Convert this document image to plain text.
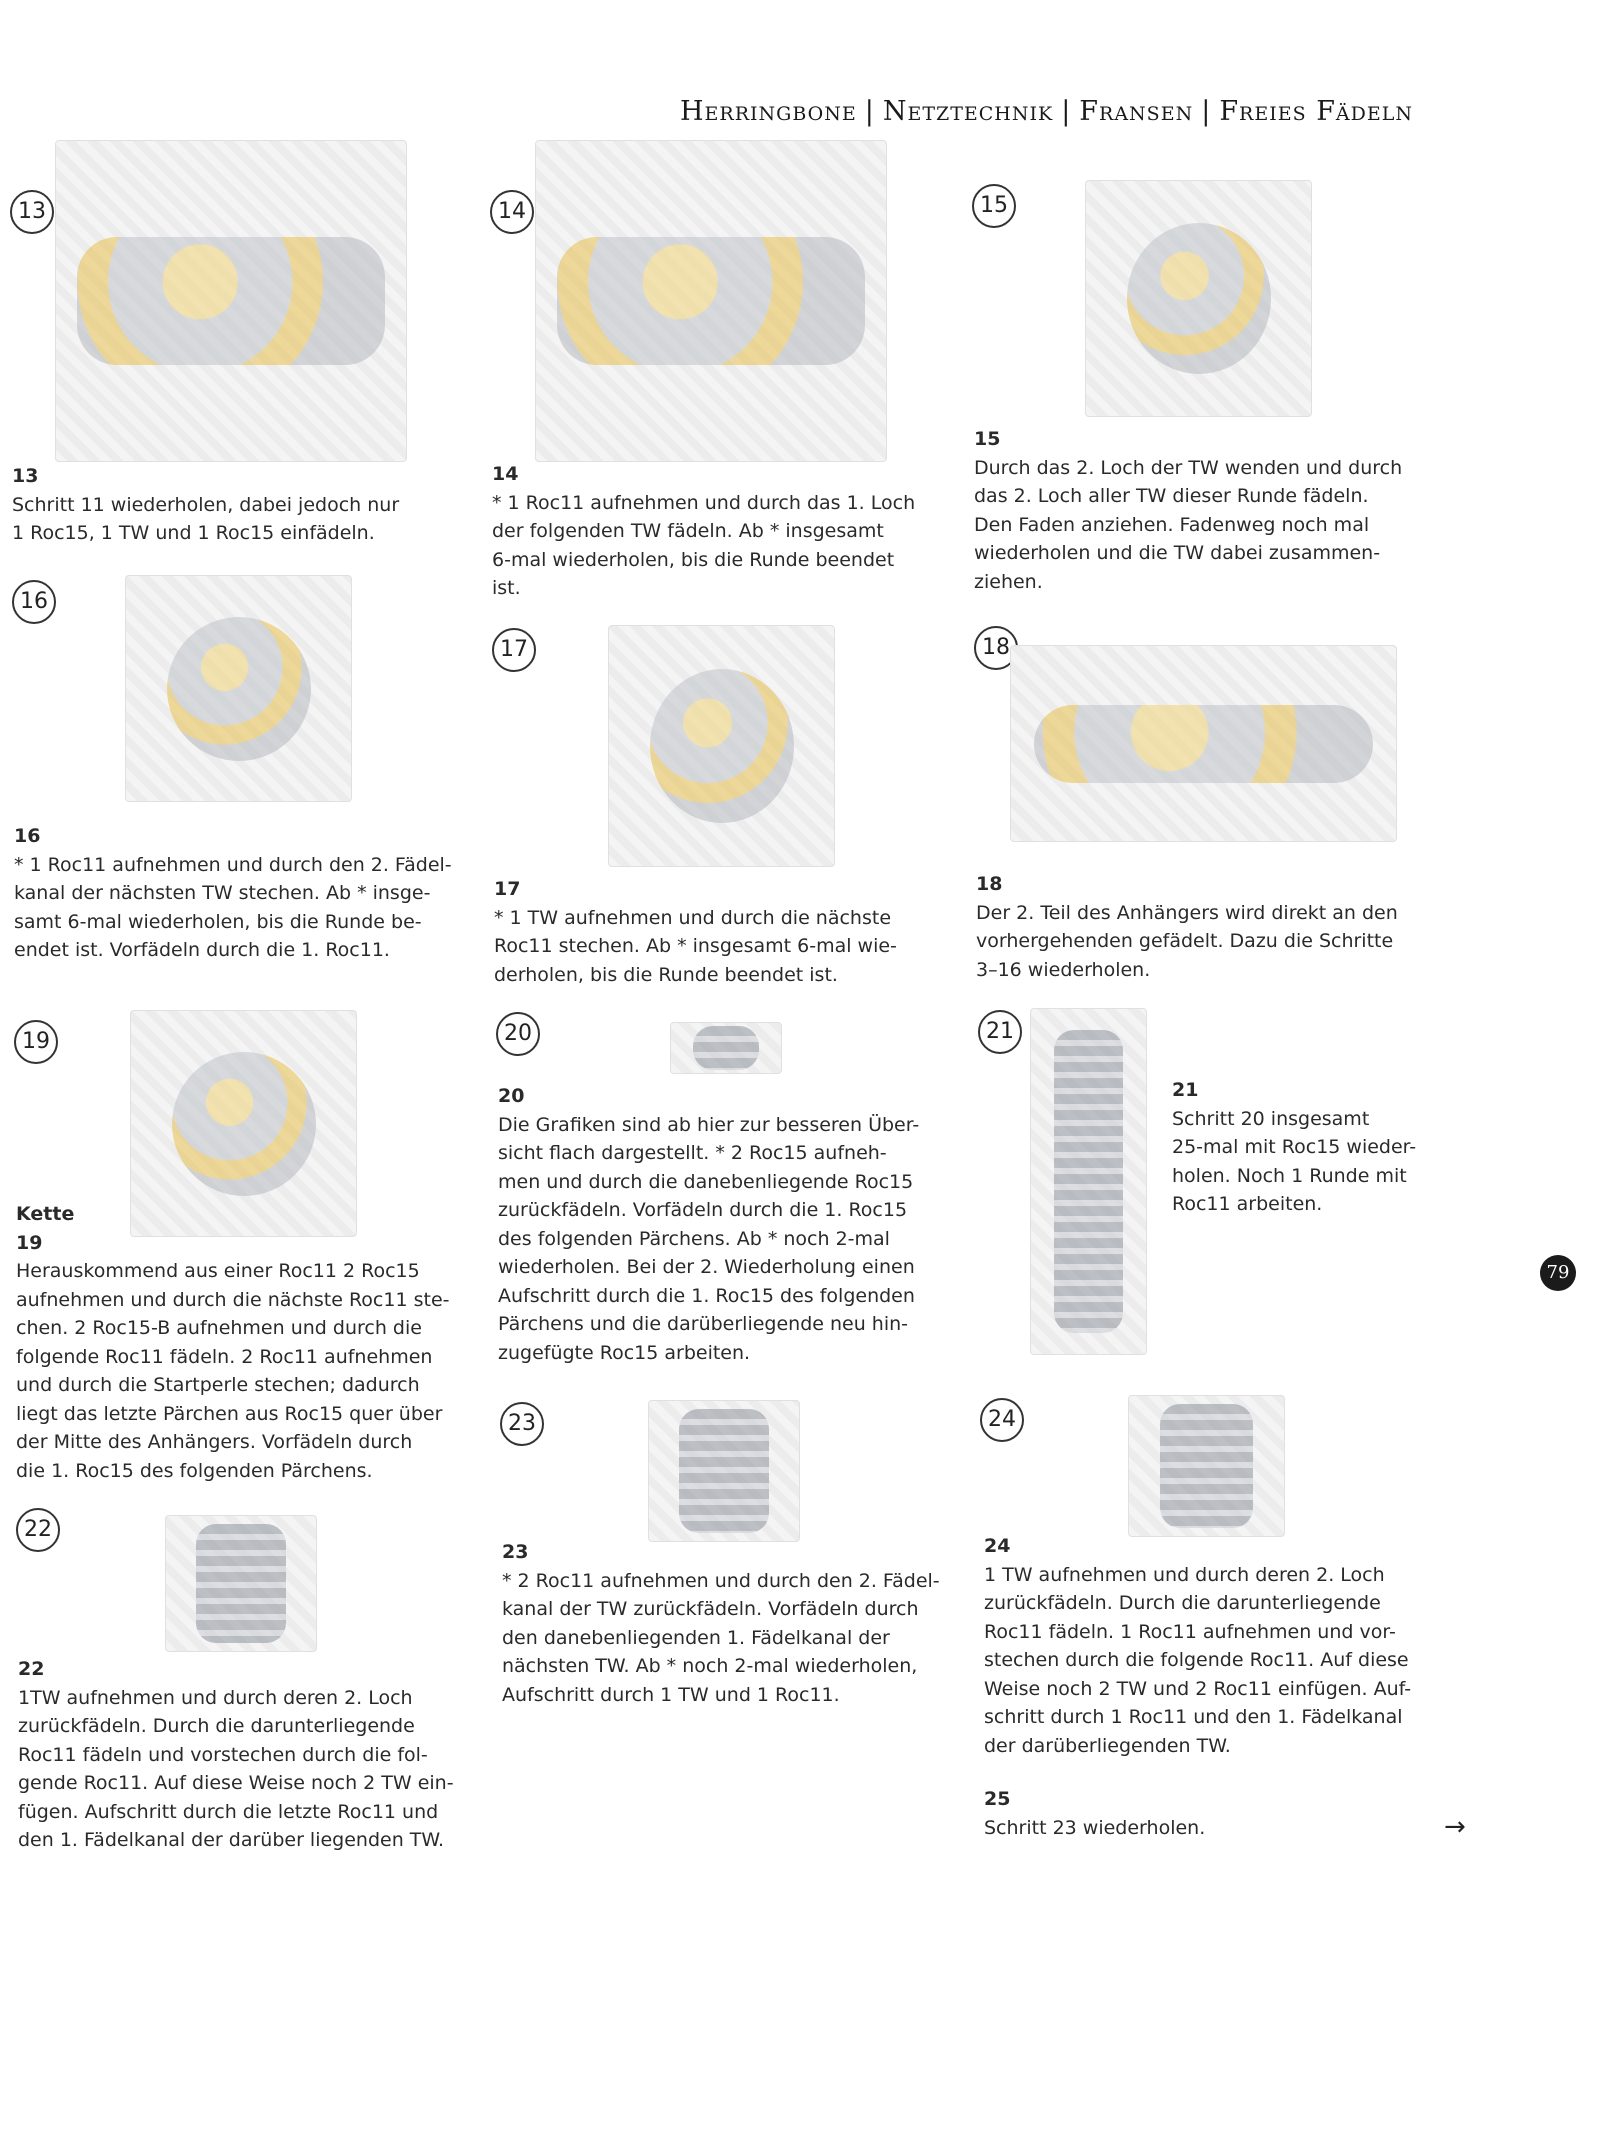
Herringbone | Netztechnik | Fransen | Freies Fädeln
13
13
Schritt 11 wiederholen, dabei jedoch nur
1 Roc15, 1 TW und 1 Roc15 einfädeln.
16
16
* 1 Roc11 aufnehmen und durch den 2. Fädel-
kanal der nächsten TW stechen. Ab * insge-
samt 6-mal wiederholen, bis die Runde be-
endet ist. Vorfädeln durch die 1. Roc11.
19
Kette
19
Herauskommend aus einer Roc11 2 Roc15
aufnehmen und durch die nächste Roc11 ste-
chen. 2 Roc15-B aufnehmen und durch die
folgende Roc11 fädeln. 2 Roc11 aufnehmen
und durch die Startperle stechen; dadurch
liegt das letzte Pärchen aus Roc15 quer über
der Mitte des Anhängers. Vorfädeln durch
die 1. Roc15 des folgenden Pärchens.
22
22
1TW aufnehmen und durch deren 2. Loch
zurückfädeln. Durch die darunterliegende
Roc11 fädeln und vorstechen durch die fol-
gende Roc11. Auf diese Weise noch 2 TW ein-
fügen. Aufschritt durch die letzte Roc11 und
den 1. Fädelkanal der darüber liegenden TW.
14
14
* 1 Roc11 aufnehmen und durch das 1. Loch
der folgenden TW fädeln. Ab * insgesamt
6-mal wiederholen, bis die Runde beendet
ist.
17
17
* 1 TW aufnehmen und durch die nächste
Roc11 stechen. Ab * insgesamt 6-mal wie-
derholen, bis die Runde beendet ist.
20
20
Die Grafiken sind ab hier zur besseren Über-
sicht flach dargestellt. * 2 Roc15 aufneh-
men und durch die danebenliegende Roc15
zurückfädeln. Vorfädeln durch die 1. Roc15
des folgenden Pärchens. Ab * noch 2-mal
wiederholen. Bei der 2. Wiederholung einen
Aufschritt durch die 1. Roc15 des folgenden
Pärchens und die darüberliegende neu hin-
zugefügte Roc15 arbeiten.
23
23
* 2 Roc11 aufnehmen und durch den 2. Fädel-
kanal der TW zurückfädeln. Vorfädeln durch
den danebenliegenden 1. Fädelkanal der
nächsten TW. Ab * noch 2-mal wiederholen,
Aufschritt durch 1 TW und 1 Roc11.
15
15
Durch das 2. Loch der TW wenden und durch
das 2. Loch aller TW dieser Runde fädeln.
Den Faden anziehen. Fadenweg noch mal
wiederholen und die TW dabei zusammen-
ziehen.
18
18
Der 2. Teil des Anhängers wird direkt an den
vorhergehenden gefädelt. Dazu die Schritte
3–16 wiederholen.
21
21
Schritt 20 insgesamt
25-mal mit Roc15 wieder-
holen. Noch 1 Runde mit
Roc11 arbeiten.
24
24
1 TW aufnehmen und durch deren 2. Loch
zurückfädeln. Durch die darunterliegende
Roc11 fädeln. 1 Roc11 aufnehmen und vor-
stechen durch die folgende Roc11. Auf diese
Weise noch 2 TW und 2 Roc11 einfügen. Auf-
schritt durch 1 Roc11 und den 1. Fädelkanal
der darüberliegenden TW.
25
Schritt 23 wiederholen.	→
79
